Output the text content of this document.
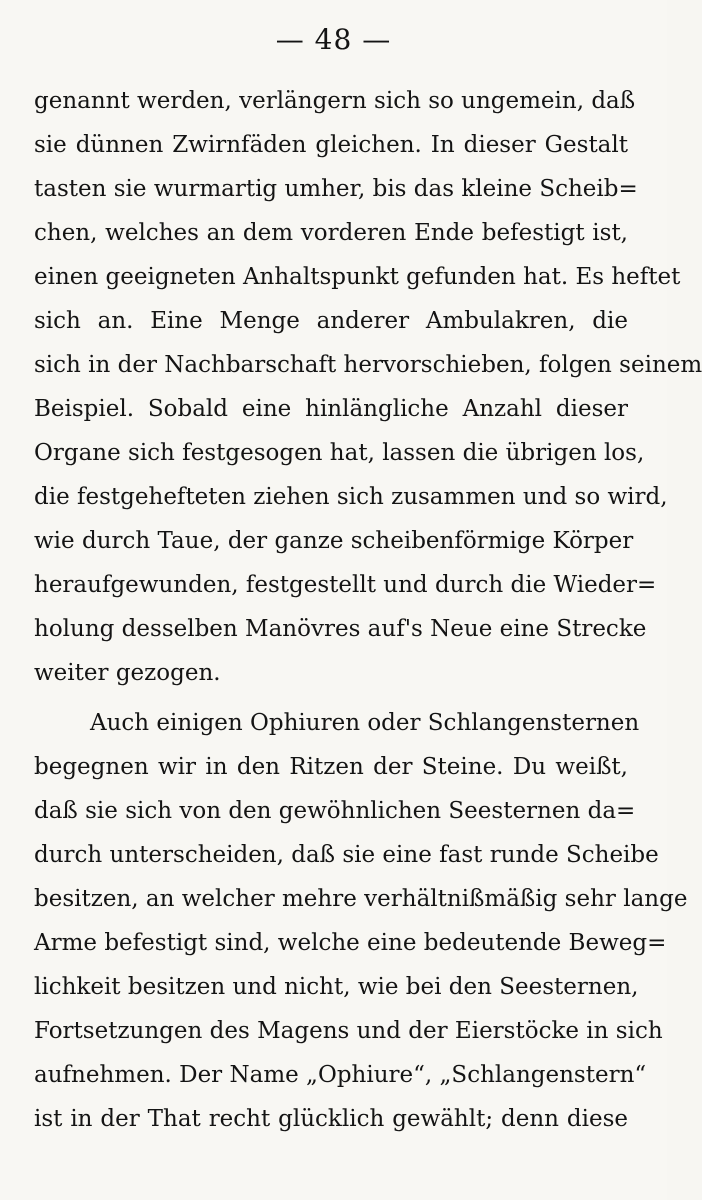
— 48 —
genannt werden, verlängern sich so ungemein, daß
sie dünnen Zwirnfäden gleichen. In dieser Gestalt
tasten sie wurmartig umher, bis das kleine Scheib=
chen, welches an dem vorderen Ende befestigt ist,
einen geeigneten Anhaltspunkt gefunden hat. Es heftet
sich an. Eine Menge anderer Ambulakren, die
sich in der Nachbarschaft hervorschieben, folgen seinem
Beispiel. Sobald eine hinlängliche Anzahl dieser
Organe sich festgesogen hat, lassen die übrigen los,
die festgehefteten ziehen sich zusammen und so wird,
wie durch Taue, der ganze scheibenförmige Körper
heraufgewunden, festgestellt und durch die Wieder=
holung desselben Manövres auf's Neue eine Strecke
weiter gezogen.
Auch einigen Ophiuren oder Schlangensternen
begegnen wir in den Ritzen der Steine. Du weißt,
daß sie sich von den gewöhnlichen Seesternen da=
durch unterscheiden, daß sie eine fast runde Scheibe
besitzen, an welcher mehre verhältnißmäßig sehr lange
Arme befestigt sind, welche eine bedeutende Beweg=
lichkeit besitzen und nicht, wie bei den Seesternen,
Fortsetzungen des Magens und der Eierstöcke in sich
aufnehmen. Der Name „Ophiure“, „Schlangenstern“
ist in der That recht glücklich gewählt; denn diese
